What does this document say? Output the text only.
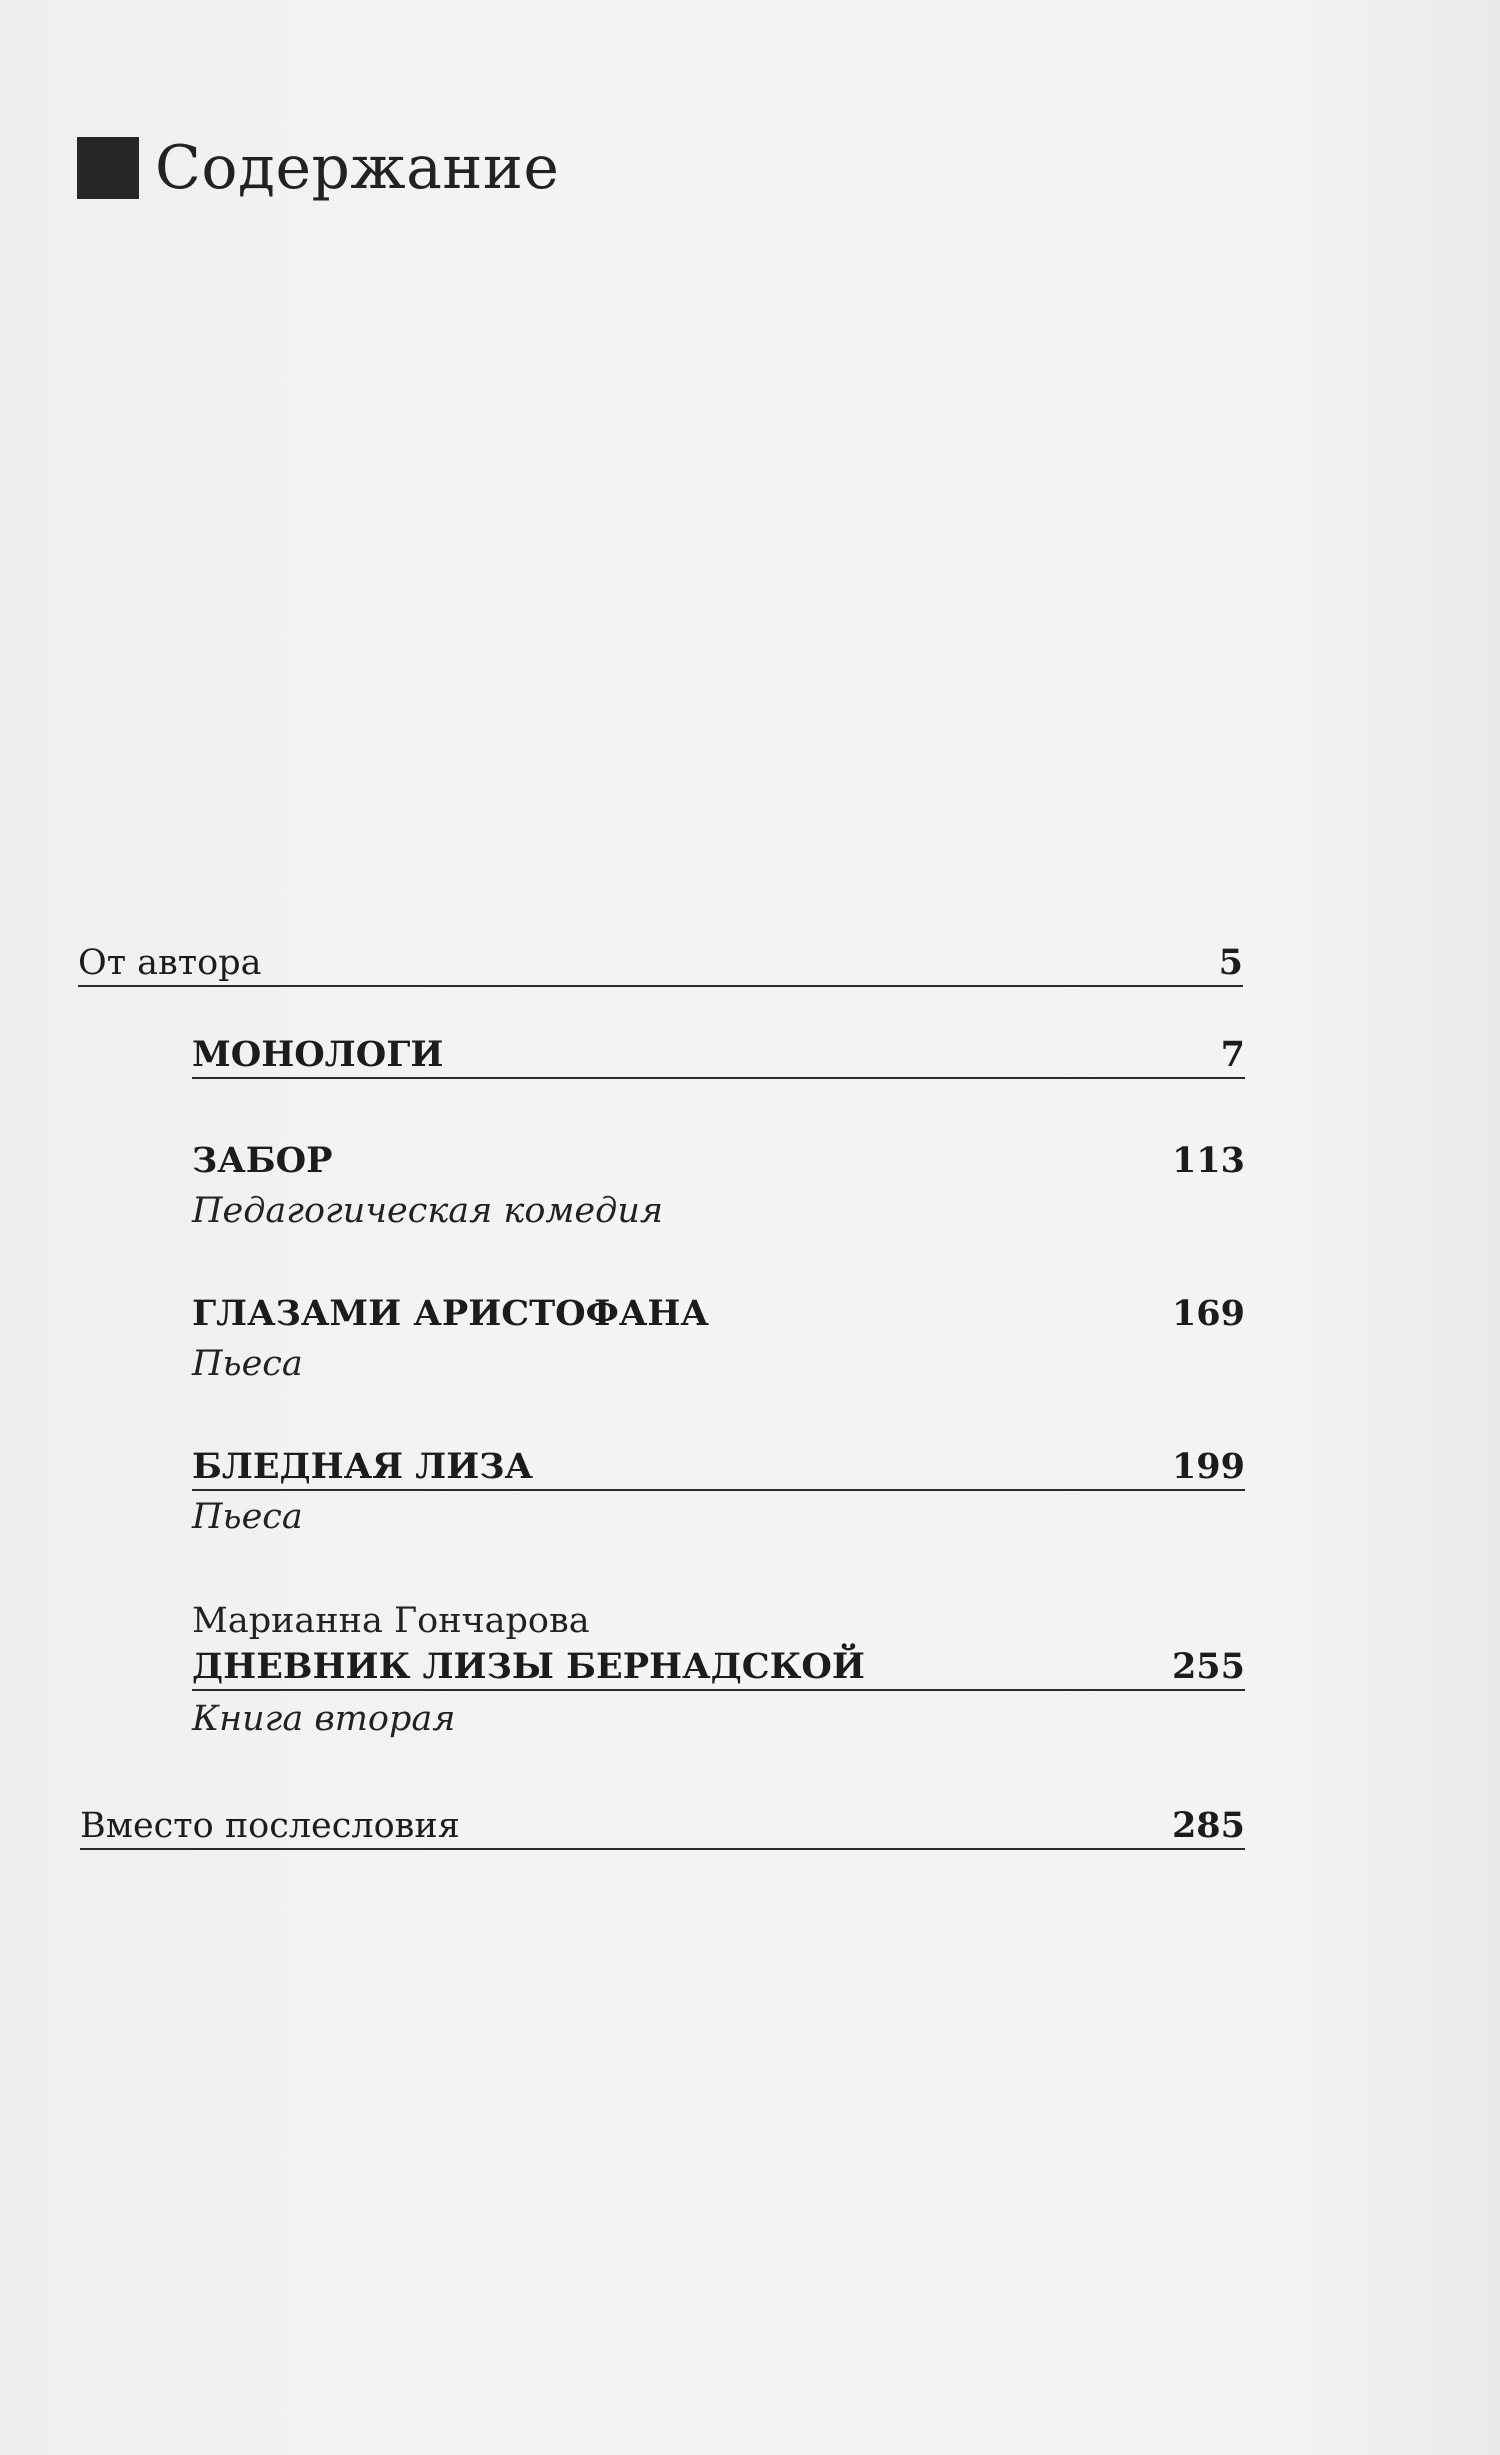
Содержание
От автора	5
МОНОЛОГИ	7
ЗАБОР	113
Педагогическая комедия
ГЛАЗАМИ АРИСТОФАНА	169
Пьеса
БЛЕДНАЯ ЛИЗА	199
Пьеса
Марианна Гончарова
ДНЕВНИК ЛИЗЫ БЕРНАДСКОЙ	255
Книга вторая
Вместо послесловия	285
